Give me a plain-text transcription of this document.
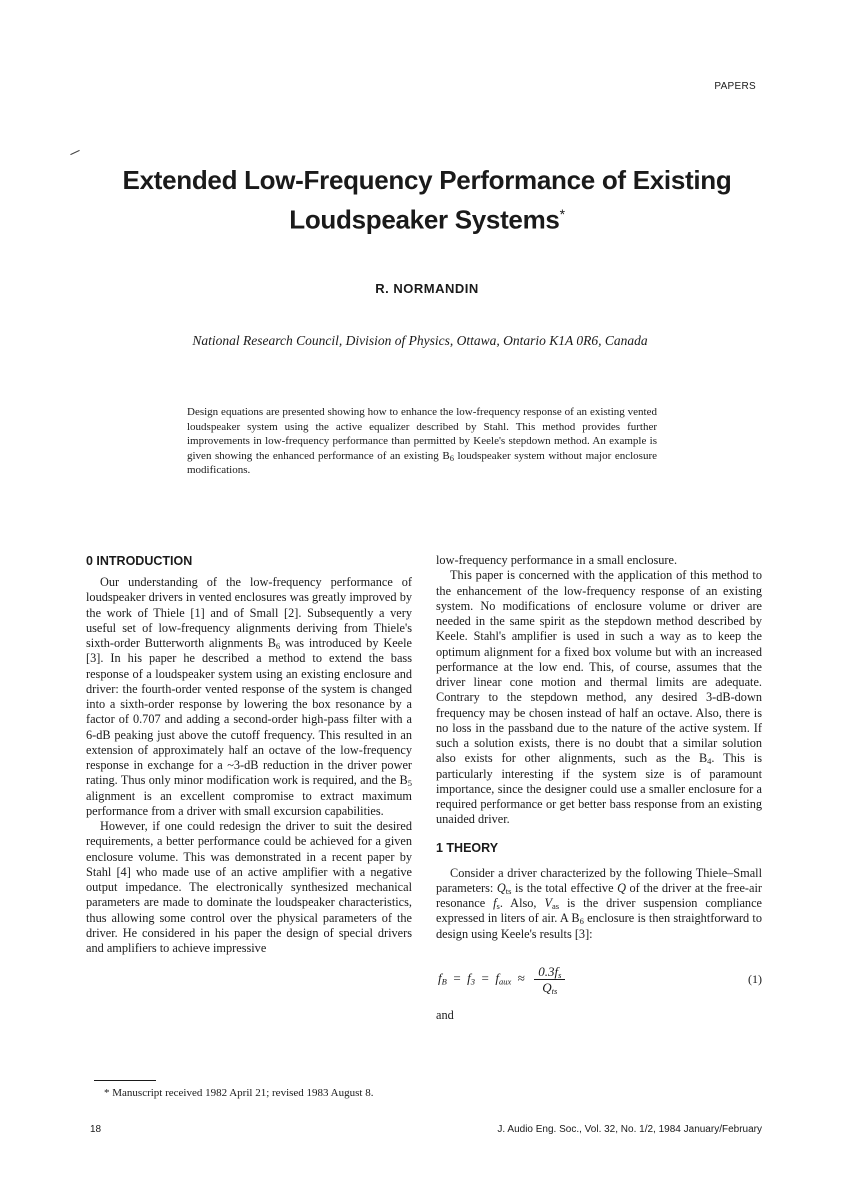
PAPERS
Extended Low-Frequency Performance of Existing
Loudspeaker Systems*
R. NORMANDIN
National Research Council, Division of Physics, Ottawa, Ontario K1A 0R6, Canada

Design equations are presented showing how to enhance the low-frequency response of an existing vented loudspeaker system using the active equalizer described by Stahl. This method provides further improvements in low-frequency performance than permitted by Keele's stepdown method. An example is given showing the enhanced performance of an existing $B_6$ loudspeaker system without major enclosure modifications.

0 INTRODUCTION

Our understanding of the low-frequency performance of loudspeaker drivers in vented enclosures was greatly improved by the work of Thiele [1] and of Small [2]. Subsequently a very useful set of low-frequency alignments deriving from Thiele's sixth-order Butterworth alignments $B_6$ was introduced by Keele [3]. In his paper he described a method to extend the bass response of a loudspeaker system using an existing enclosure and driver: the fourth-order vented response of the system is changed into a sixth-order response by lowering the box resonance by a factor of 0.707 and adding a second-order high-pass filter with a 6-dB peaking just above the cutoff frequency. This resulted in an extension of approximately half an octave of the low-frequency response in exchange for a ~3-dB reduction in the driver power rating. Thus only minor modification work is required, and the $B_5$ alignment is an excellent compromise to extract maximum performance from a driver with small excursion capabilities.

However, if one could redesign the driver to suit the desired requirements, a better performance could be achieved for a given enclosure volume. This was demonstrated in a recent paper by Stahl [4] who made use of an active amplifier with a negative output impedance. The electronically synthesized mechanical parameters are made to dominate the loudspeaker characteristics, thus allowing some control over the physical parameters of the driver. He considered in his paper the design of special drivers and amplifiers to achieve impressive

low-frequency performance in a small enclosure.

This paper is concerned with the application of this method to the enhancement of the low-frequency response of an existing system. No modifications of enclosure volume or driver are needed in the same spirit as the stepdown method described by Keele. Stahl's amplifier is used in such a way as to keep the optimum alignment for a fixed box volume but with an increased performance at the low end. This, of course, assumes that the driver linear cone motion and thermal limits are adequate. Contrary to the stepdown method, any desired 3-dB-down frequency may be chosen instead of half an octave. Also, there is no loss in the passband due to the nature of the active system. If such a solution exists, there is no doubt that a similar solution also exists for other alignments, such as the $B_4$. This is particularly interesting if the system size is of paramount importance, since the designer could use a smaller enclosure for a required performance or get better bass response from an existing unaided driver.

1 THEORY

Consider a driver characterized by the following Thiele–Small parameters: $Q_{ts}$ is the total effective Q of the driver at the free-air resonance $f_s$. Also, $V_{as}$ is the driver suspension compliance expressed in liters of air. A $B_6$ enclosure is then straightforward to design using Keele's results [3]:

$f_B = f_3 = f_{aux} \approx \frac{0.3f_s}{Q_{ts}}$	(1)

and

* Manuscript received 1982 April 21; revised 1983 August 8.
18	J. Audio Eng. Soc., Vol. 32, No. 1/2, 1984 January/February
